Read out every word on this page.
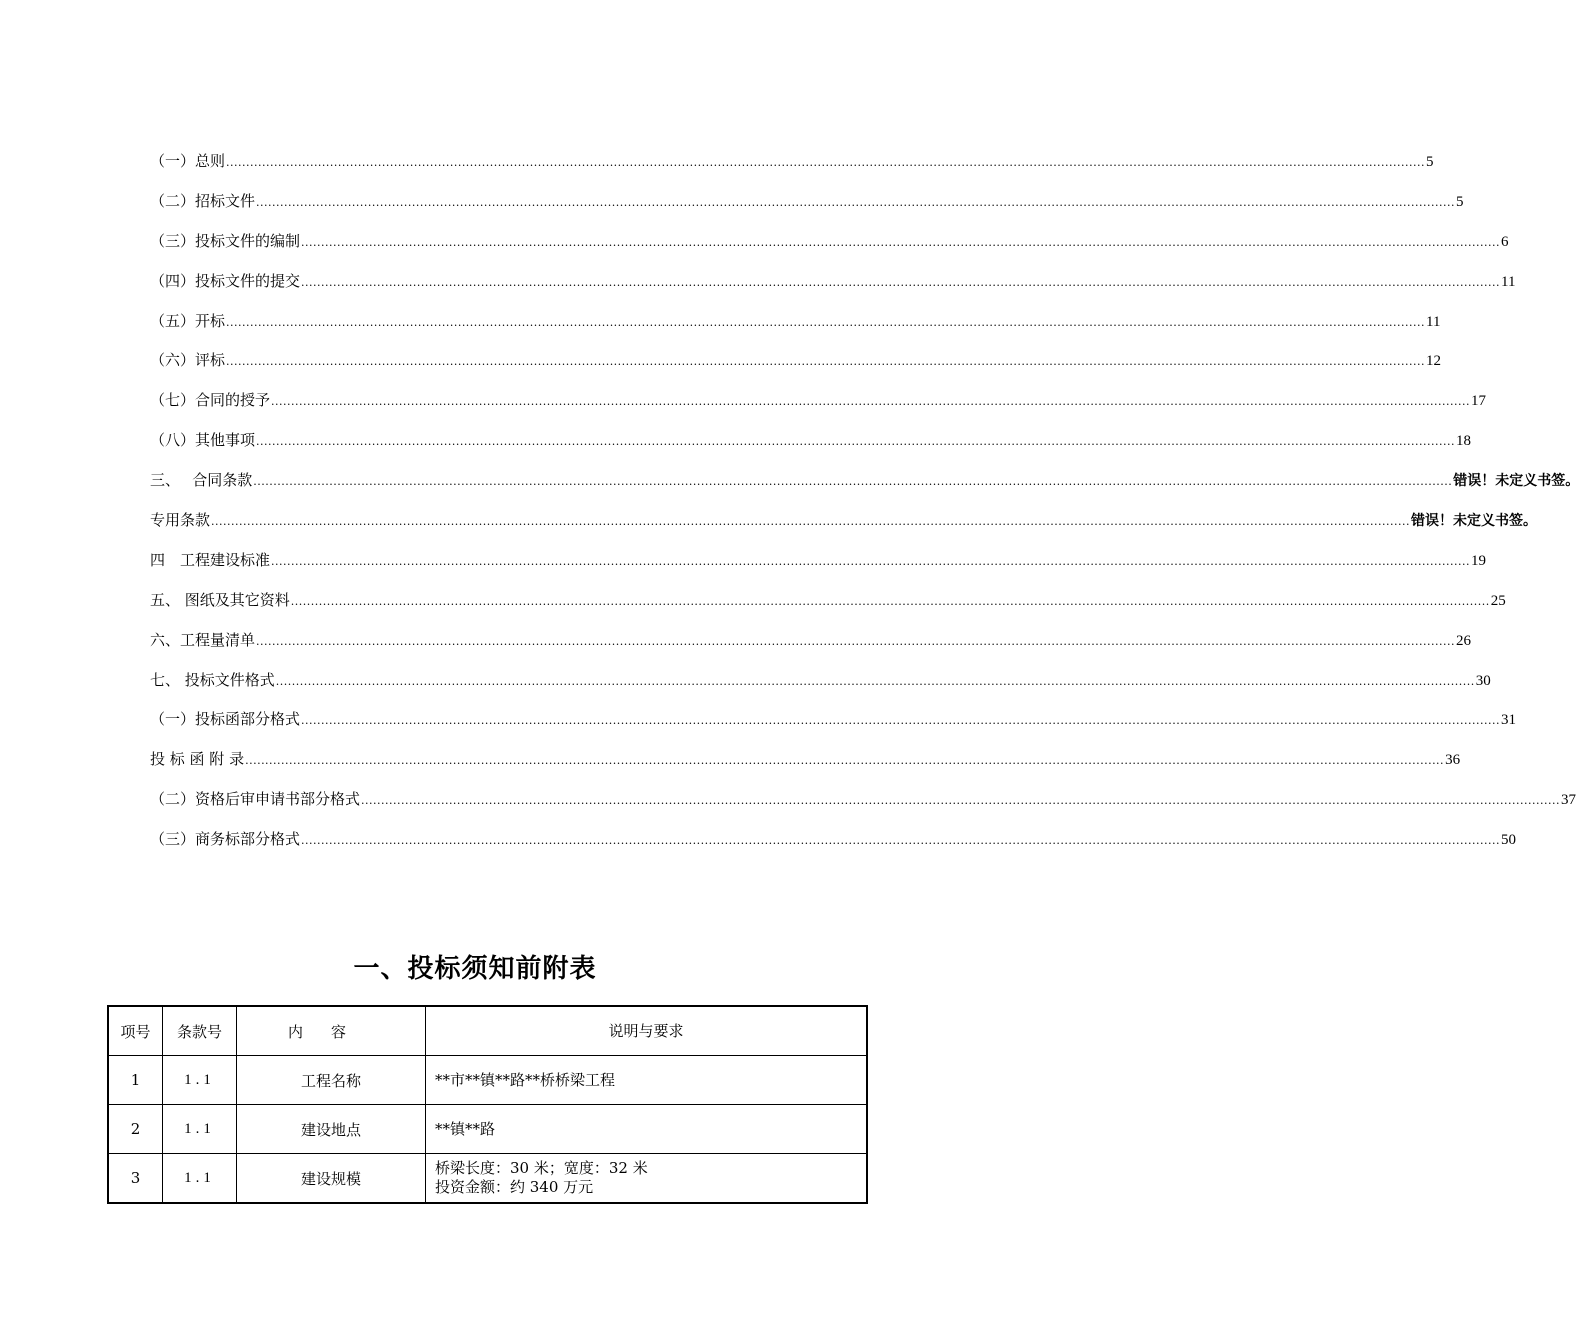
（一）总则 ............................................................................................................................................................................................................................................................................................................ 5
（二）招标文件 ............................................................................................................................................................................................................................................................................................................ 5
（三）投标文件的编制 ............................................................................................................................................................................................................................................................................................................ 6
（四）投标文件的提交 ............................................................................................................................................................................................................................................................................................................ 11
（五）开标 ............................................................................................................................................................................................................................................................................................................ 11
（六）评标 ............................................................................................................................................................................................................................................................................................................ 12
（七）合同的授予 ............................................................................................................................................................................................................................................................................................................ 17
（八）其他事项 ............................................................................................................................................................................................................................................................................................................ 18
三、　 合同条款 ............................................................................................................................................................................................................................................................................................................ 错误！未定义书签。
专用条款 ............................................................................................................................................................................................................................................................................................................ 错误！未定义书签。
四　工程建设标准 ............................................................................................................................................................................................................................................................................................................ 19
五、 图纸及其它资料 ............................................................................................................................................................................................................................................................................................................ 25
六、工程量清单 ............................................................................................................................................................................................................................................................................................................ 26
七、 投标文件格式 ............................................................................................................................................................................................................................................................................................................ 30
（一）投标函部分格式 ............................................................................................................................................................................................................................................................................................................ 31
投 标 函 附 录 ............................................................................................................................................................................................................................................................................................................ 36
（二）资格后审申请书部分格式 ............................................................................................................................................................................................................................................................................................................ 37
（三）商务标部分格式 ............................................................................................................................................................................................................................................................................................................ 50
一、投标须知前附表
项号	条款号	内容	说明与要求
1	1.1	工程名称	**市**镇**路**桥桥梁工程

2	1.1	建设地点	**镇**路

3	1.1	建设规模	桥梁长度：30 米；宽度：32 米
投资金额：约 340 万元
